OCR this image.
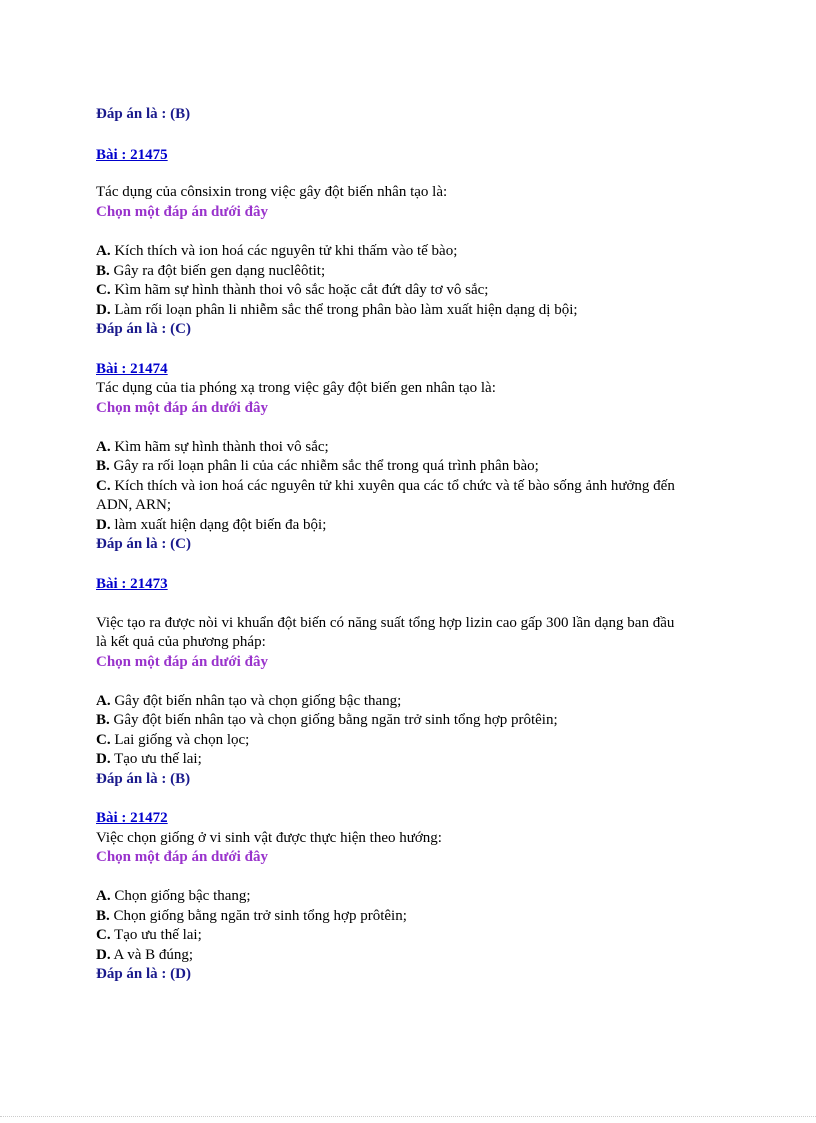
Đáp án là : (B)
Bài : 21475
Tác dụng của cônsixin trong việc gây đột biến nhân tạo là:
Chọn một đáp án dưới đây
A. Kích thích và ion hoá các nguyên tử khi thấm vào tế bào;
B. Gây ra đột biến gen dạng nuclêôtit;
C. Kìm hãm sự hình thành thoi vô sắc hoặc cắt đứt dây tơ vô sắc;
D. Làm rối loạn phân li nhiễm sắc thể trong phân bào làm xuất hiện dạng dị bội;
Đáp án là : (C)
Bài : 21474
Tác dụng của tia phóng xạ trong việc gây đột biến gen nhân tạo là:
Chọn một đáp án dưới đây
A. Kìm hãm sự hình thành thoi vô sắc;
B. Gây ra rối loạn phân li của các nhiễm sắc thể trong quá trình phân bào;
C. Kích thích và ion hoá các nguyên tử khi xuyên qua các tổ chức và tế bào sống ảnh hưởng đến
ADN, ARN;
D. làm xuất hiện dạng đột biến đa bội;
Đáp án là : (C)
Bài : 21473
Việc tạo ra được nòi vi khuẩn đột biến có năng suất tổng hợp lizin cao gấp 300 lần dạng ban đầu
là kết quả của phương pháp:
Chọn một đáp án dưới đây
A. Gây đột biến nhân tạo và chọn giống bậc thang;
B. Gây đột biến nhân tạo và chọn giống bằng ngăn trở sinh tổng hợp prôtêin;
C. Lai giống và chọn lọc;
D. Tạo ưu thế lai;
Đáp án là : (B)
Bài : 21472
Việc chọn giống ở vi sinh vật được thực hiện theo hướng:
Chọn một đáp án dưới đây
A. Chọn giống bậc thang;
B. Chọn giống bằng ngăn trở sinh tổng hợp prôtêin;
C. Tạo ưu thế lai;
D. A và B đúng;
Đáp án là : (D)
